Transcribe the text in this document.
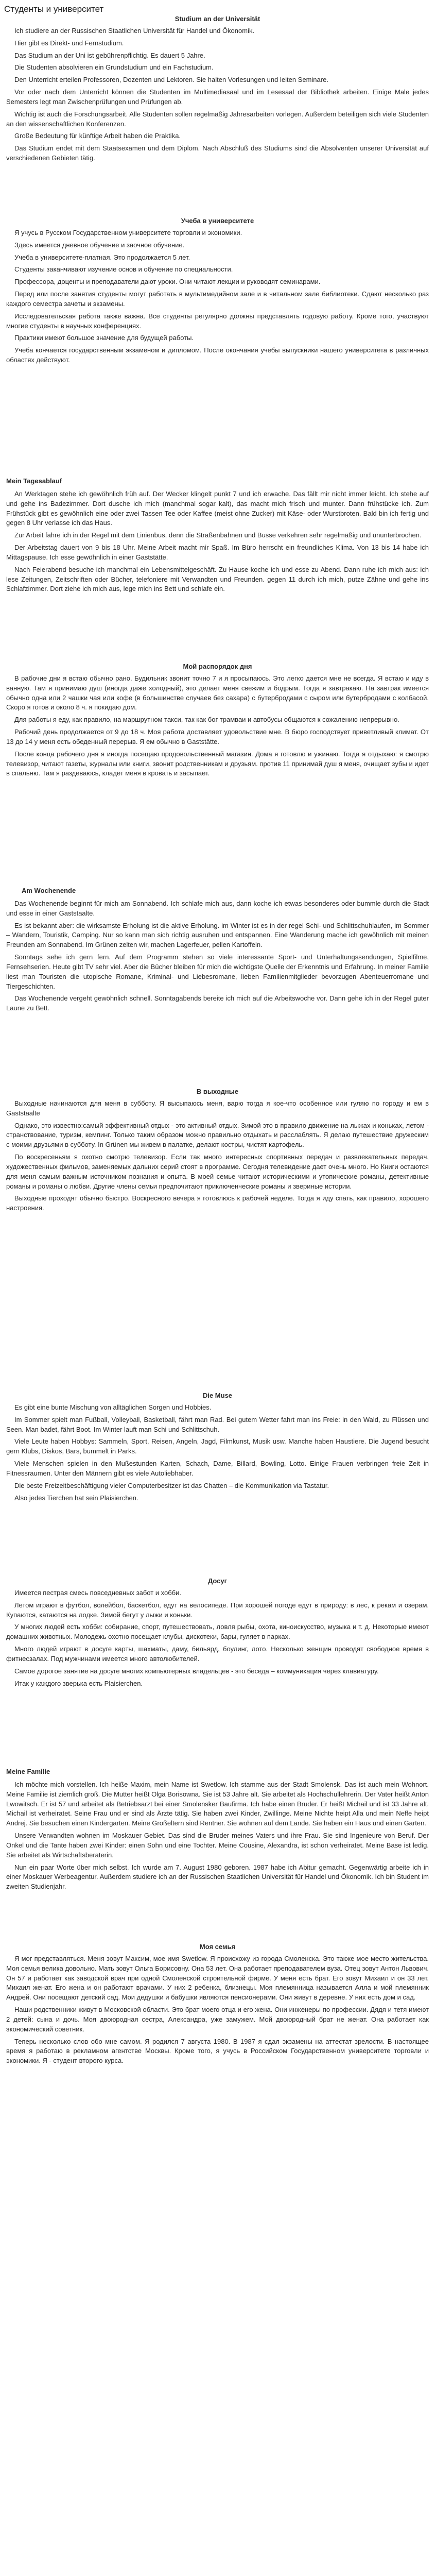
Студенты и университет
Studium an der Universität

Ich studiere an der Russischen Staatlichen Universität für Handel und Ökonomik.

Hier gibt es Direkt- und Fernstudium.

Das Studium an der Uni ist gebührenpflichtig. Es dauert 5 Jahre.

Die Studenten absolvieren ein Grundstudium und ein Fachstudium.

Den Unterricht erteilen Professoren, Dozenten und Lektoren. Sie halten Vorlesungen und leiten Seminare.

Vor oder nach dem Unterricht können die Studenten im Multimediasaal und im Lesesaal der Bibliothek arbeiten. Einige Male jedes Semesters legt man Zwischenprüfungen und Prüfungen ab.

Wichtig ist auch die Forschungsarbeit. Alle Studenten sollen regelmäßig Jahresarbeiten vorlegen. Außerdem beteiligen sich viele Studenten an den wissenschaftlichen Konferenzen.

Große Bedeutung für künftige Arbeit haben die Praktika.

Das Studium endet mit dem Staatsexamen und dem Diplom. Nach Abschluß des Studiums sind die Absolventen unserer Universität auf verschiedenen Gebieten tätig.

Учеба в университете

Я учусь в Русском Государственном университете торговли и экономики.

Здесь имеется дневное обучение и заочное обучение.

Учеба в университете-платная. Это продолжается 5 лет.

Студенты заканчивают изучение основ и обучение по специальности.

Профессора, доценты и преподаватели дают уроки. Они читают лекции и руководят семинарами.

Перед или после занятия студенты могут работать в мультимедийном зале и в читальном зале библиотеки. Сдают несколько раз каждого семестра зачеты и экзамены.

Исследовательская работа также важна. Все студенты регулярно должны представлять годовую работу. Кроме того, участвуют многие студенты в научных конференциях.

Практики имеют большое значение для будущей работы.

Учеба кончается государственным экзаменом и дипломом. После окончания учебы выпускники нашего университета в различных областях действуют.

Mein Tagesablauf

An Werktagen stehe ich gewöhnlich früh auf. Der Wecker klingelt punkt 7 und ich erwache. Das fällt mir nicht immer leicht. Ich stehe auf und gehe ins Badezimmer. Dort dusche ich mich (manchmal sogar kalt), das macht mich frisch und munter. Dann frühstücke ich. Zum Frühstück gibt es gewöhnlich eine oder zwei Tassen Tee oder Kaffee (meist ohne Zucker) mit Käse- oder Wurstbroten. Bald bin ich fertig und gegen 8 Uhr verlasse ich das Haus.

Zur Arbeit fahre ich in der Regel mit dem Linienbus, denn die Straßenbahnen und Busse verkehren sehr regelmäßig und ununterbrochen.

Der Arbeitstag dauert von 9 bis 18 Uhr. Meine Arbeit macht mir Spaß. Im Büro herrscht ein freundliches Klima. Von 13 bis 14 habe ich Mittagspause. Ich esse gewöhnlich in einer Gaststätte.

Nach Feierabend besuche ich manchmal ein Lebensmittelgeschäft. Zu Hause koche ich und esse zu Abend. Dann ruhe ich mich aus: ich lese Zeitungen, Zeitschriften oder Bücher, telefoniere mit Verwandten und Freunden. gegen 11 durch ich mich, putze Zähne und gehe ins Schlafzimmer. Dort ziehe ich mich aus, lege mich ins Bett und schlafe ein.

Мой распорядок дня

В рабочие дни я встаю обычно рано. Будильник звонит точно 7 и я просыпаюсь. Это легко дается мне не всегда. Я встаю и иду в ванную. Там я принимаю душ (иногда даже холодный), это делает меня свежим и бодрым. Тогда я завтракаю. На завтрак имеется обычно одна или 2 чашки чая или кофе (в большинстве случаев без сахара) с бутербродами с сыром или бутербродами с колбасой. Скоро я готов и около 8 ч. я покидаю дом.

Для работы я еду, как правило, на маршрутном такси, так как бог трамваи и автобусы общаются к сожалению непрерывно.

Рабочий день продолжается от 9 до 18 ч. Моя работа доставляет удовольствие мне. В бюро господствует приветливый климат. От 13 до 14 у меня есть обеденный перерыв. Я ем обычно в Gaststätte.

После конца рабочего дня я иногда посещаю продовольственный магазин. Дома я готовлю и ужинаю. Тогда я отдыхаю: я смотрю телевизор, читают газеты, журналы или книги, звонит родственникам и друзьям. против 11 принимай душ я меня, очищает зубы и идет в спальню. Там я раздеваюсь, кладет меня в кровать и засыпает.

Am Wochenende

Das Wochenende beginnt für mich am Sonnabend. Ich schlafe mich aus, dann koche ich etwas besonderes oder bummle durch die Stadt und esse in einer Gaststaalte.

Es ist bekannt aber: die wirksamste Erholung ist die aktive Erholung. im Winter ist es in der regel Schi- und Schlittschuhlaufen, im Sommer – Wandern, Touristik, Camping. Nur so kann man sich richtig ausruhen und entspannen. Eine Wanderung mache ich gewöhnlich mit meinen Freunden am Sonnabend. Im Grünen zelten wir, machen Lagerfeuer, pellen Kartoffeln.

Sonntags sehe ich gern fern. Auf dem Programm stehen so viele interessante Sport- und Unterhaltungssendungen, Spielfilme, Fernsehserien. Heute gibt TV sehr viel. Aber die Bücher bleiben für mich die wichtigste Quelle der Erkenntnis und Erfahrung. In meiner Familie liest man Touristen die utopische Romane, Kriminal- und Liebesromane, lieben Familienmitglieder bevorzugen Abenteuerromane und Tiergeschichten.

Das Wochenende vergeht gewöhnlich schnell. Sonntagabends bereite ich mich auf die Arbeitswoche vor. Dann gehe ich in der Regel guter Laune zu Bett.

В выходные

Выходные начинаются для меня в субботу. Я высыпаюсь меня, варю тогда я кое-что особенное или гуляю по городу и ем в Gaststaalte

Однако, это известно:самый эффективный отдых - это активный отдых. Зимой это в правило движение на лыжах и коньках, летом - странствование, туризм, кемпинг. Только таким образом можно правильно отдыхать и расслаблять. Я делаю путешествие дружеским с моими друзьями в субботу. In Grünen мы живем в палатке, делают костры, чистят картофель.

По воскресеньям я охотно смотрю телевизор. Если так много интересных спортивных передач и развлекательных передач, художественных фильмов, заменяемых дальних серий стоят в программе. Сегодня телевидение дает очень много. Но Книги остаются для меня самым важным источником познания и опыта. В моей семье читают историческими и утопические романы, детективные романы и романы о любви. Другие члены семьи предпочитают приключенческие романы и звериные истории.

Выходные проходят обычно быстро. Воскресного вечера я готовлюсь к рабочей неделе. Тогда я иду спать, как правило, хорошего настроения.

Die Muse

Es gibt eine bunte Mischung von alltäglichen Sorgen und Hobbies.

Im Sommer spielt man Fußball, Volleyball, Basketball, fährt man Rad. Bei gutem Wetter fahrt man ins Freie: in den Wald, zu Flüssen und Seen. Man badet, fährt Boot. Im Winter lauft man Schi und Schlittschuh.

Viele Leute haben Hobbys: Sammeln, Sport, Reisen, Angeln, Jagd, Filmkunst, Musik usw. Manche haben Haustiere. Die Jugend besucht gern Klubs, Diskos, Bars, bummelt in Parks.

Viele Menschen spielen in den Mußestunden Karten, Schach, Dame, Billard, Bowling, Lotto. Einige Frauen verbringen freie Zeit in Fitnessraumen. Unter den Männern gibt es viele Autoliebhaber.

Die beste Freizeitbeschäftigung vieler Computerbesitzer ist das Chatten – die Kommunikation via Tastatur.

Also jedes Tierchen hat sein Plaisierchen.

Досуг

Имеется пестрая смесь повседневных забот и хобби.

Летом играют в футбол, волейбол, баскетбол, едут на велосипеде. При хорошей погоде едут в природу: в лес, к рекам и озерам. Купаются, катаются на лодке. Зимой бегут у лыжи и коньки.

У многих людей есть хобби: собирание, спорт, путешествовать, ловля рыбы, охота, киноискусство, музыка и т. д. Некоторые имеют домашних животных. Молодежь охотно посещает клубы, дискотеки, бары, гуляет в парках.

Много людей играют в досуге карты, шахматы, даму, бильярд, боулинг, лото. Несколько женщин проводят свободное время в фитнесзалах. Под мужчинами имеется много автолюбителей.

Самое дорогое занятие на досуге многих компьютерных владельцев - это беседа – коммуникация через клавиатуру.

Итак у каждого зверька есть Plaisierchen.

Meine Familie

Ich möchte mich vorstellen. Ich heiße Maxim, mein Name ist Swetlow. Ich stamme aus der Stadt Smolensk. Das ist auch mein Wohnort. Meine Familie ist ziemlich groß. Die Mutter heißt Olga Borisowna. Sie ist 53 Jahre alt. Sie arbeitet als Hochschullehrerin. Der Vater heißt Anton Lwowitsch. Er ist 57 und arbeitet als Betriebsarzt bei einer Smolensker Baufirma. Ich habe einen Bruder. Er heißt Michail und ist 33 Jahre alt. Michail ist verheiratet. Seine Frau und er sind als Ärzte tätig. Sie haben zwei Kinder, Zwillinge. Meine Nichte heipt Alla und mein Neffe heipt Andrej. Sie besuchen einen Kindergarten. Meine Großeltern sind Rentner. Sie wohnen auf dem Lande. Sie haben ein Haus und einen Garten.

Unsere Verwandten wohnen im Moskauer Gebiet. Das sind die Bruder meines Vaters und ihre Frau. Sie sind Ingenieure von Beruf. Der Onkel und die Tante haben zwei Kinder: einen Sohn und eine Tochter. Meine Cousine, Alexandra, ist schon verheiratet. Meine Base ist ledig. Sie arbeitet als Wirtschaftsberaterin.

Nun ein paar Worte über mich selbst. Ich wurde am 7. August 1980 geboren. 1987 habe ich Abitur gemacht. Gegenwärtig arbeite ich in einer Moskauer Werbeagentur. Außerdem studiere ich an der Russischen Staatlichen Universität für Handel und Ökonomik. Ich bin Student im zweiten Studienjahr.

Моя семья

Я мог представляться. Меня зовут Максим, мое имя Swetlow. Я происхожу из города Смоленска. Это также мое место жительства. Моя семья велика довольно. Мать зовут Ольга Борисовну. Она 53 лет. Она работает преподавателем вуза. Отец зовут Антон Львович. Он 57 и работает как заводской врач при одной Смоленской строительной фирме. У меня есть брат. Его зовут Михаил и он 33 лет. Михаил женат. Его жена и он работают врачами. У них 2 ребенка, близнецы. Моя племянница называется Алла и мой племянник Андрей. Они посещают детский сад. Мои дедушки и бабушки являются пенсионерами. Они живут в деревне. У них есть дом и сад.

Наши родственники живут в Московской области. Это брат моего отца и его жена. Они инженеры по профессии. Дядя и тетя имеют 2 детей: сына и дочь. Моя двоюродная сестра, Александра, уже замужем. Мой двоюродный брат не женат. Она работает как экономический советник.

Теперь несколько слов обо мне самом. Я родился 7 августа 1980. В 1987 я сдал экзамены на аттестат зрелости. В настоящее время я работаю в рекламном агентстве Москвы. Кроме того, я учусь в Российском Государственном университете торговли и экономики. Я - студент второго курса.
